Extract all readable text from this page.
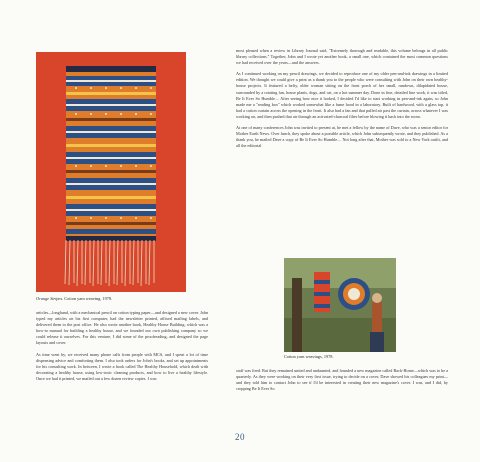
Orange Stripes. Cotton yarn weaving, 1978.

articles—longhand, with a mechanical pencil on cotton typing paper—and designed a new cover. John typed my articles on his first computer, had the newsletter printed, affixed mailing labels, and delivered them to the post office. He also wrote another book, Healthy House Building, which was a how-to manual for building a healthy house, and we founded our own publishing company so we could release it ourselves. For this venture, I did some of the proofreading, and designed the page layouts and cover.

As time went by, we received many phone calls from people with MCS, and I spent a lot of time dispensing advice and comforting them. I also took orders for John's books, and set up appointments for his consulting work. In between, I wrote a book called The Healthy Household, which dealt with decorating a healthy house, using low-toxic cleaning products, and how to live a healthy lifestyle. Once we had it printed, we mailed out a few dozen review copies. I was

most pleased when a review in Library Journal said, "Extremely thorough and readable, this volume belongs in all public library collections." Together, John and I wrote yet another book, a small one, which contained the most common questions we had received over the years—and the answers.

As I continued working on my pencil drawings, we decided to reproduce one of my older pen-and-ink drawings in a limited edition. We thought we could give a print as a thank you to the people who were consulting with John on their own healthy-house projects. It featured a hefty, older woman sitting on the front porch of her small, rundown, dilapidated house, surrounded by a rotating fan, house plants, dogs, and cat, on a hot summer day. Done in fine, detailed line work, it was titled, Be It Ever So Humble.... After seeing how nice it looked, I decided I'd like to start working in pen-and-ink again, so John made me a "reading box" which worked somewhat like a fume hood in a laboratory. Built of hardwood, with a glass top, it had a cotton curtain across the opening in the front. It also had a fan and that pulled air past the curtain, across whatever I was working on, and then pushed that air through an activated-charcoal filter before blowing it back into the room.

At one of many conferences John was invited to present at, he met a fellow by the name of Dave, who was a senior editor for Mother Earth News. Over lunch, they spoke about a possible article, which John subsequently wrote, and they published. As a thank you, he mailed Dave a copy of Be It Ever So Humble.... Not long after that, Mother was sold to a New York outfit, and all the editorial

Cotton yarn weavings, 1978.

staff was fired. But they remained united and undaunted, and founded a new magazine called Back-Home—which was to be a quarterly. As they were working on their very first issue, trying to decide on a cover, Dave showed his colleagues my print—and they told him to contact John to see if I'd be interested in creating their new magazine's cover. I was, and I did, by cropping Be It Ever So

20
